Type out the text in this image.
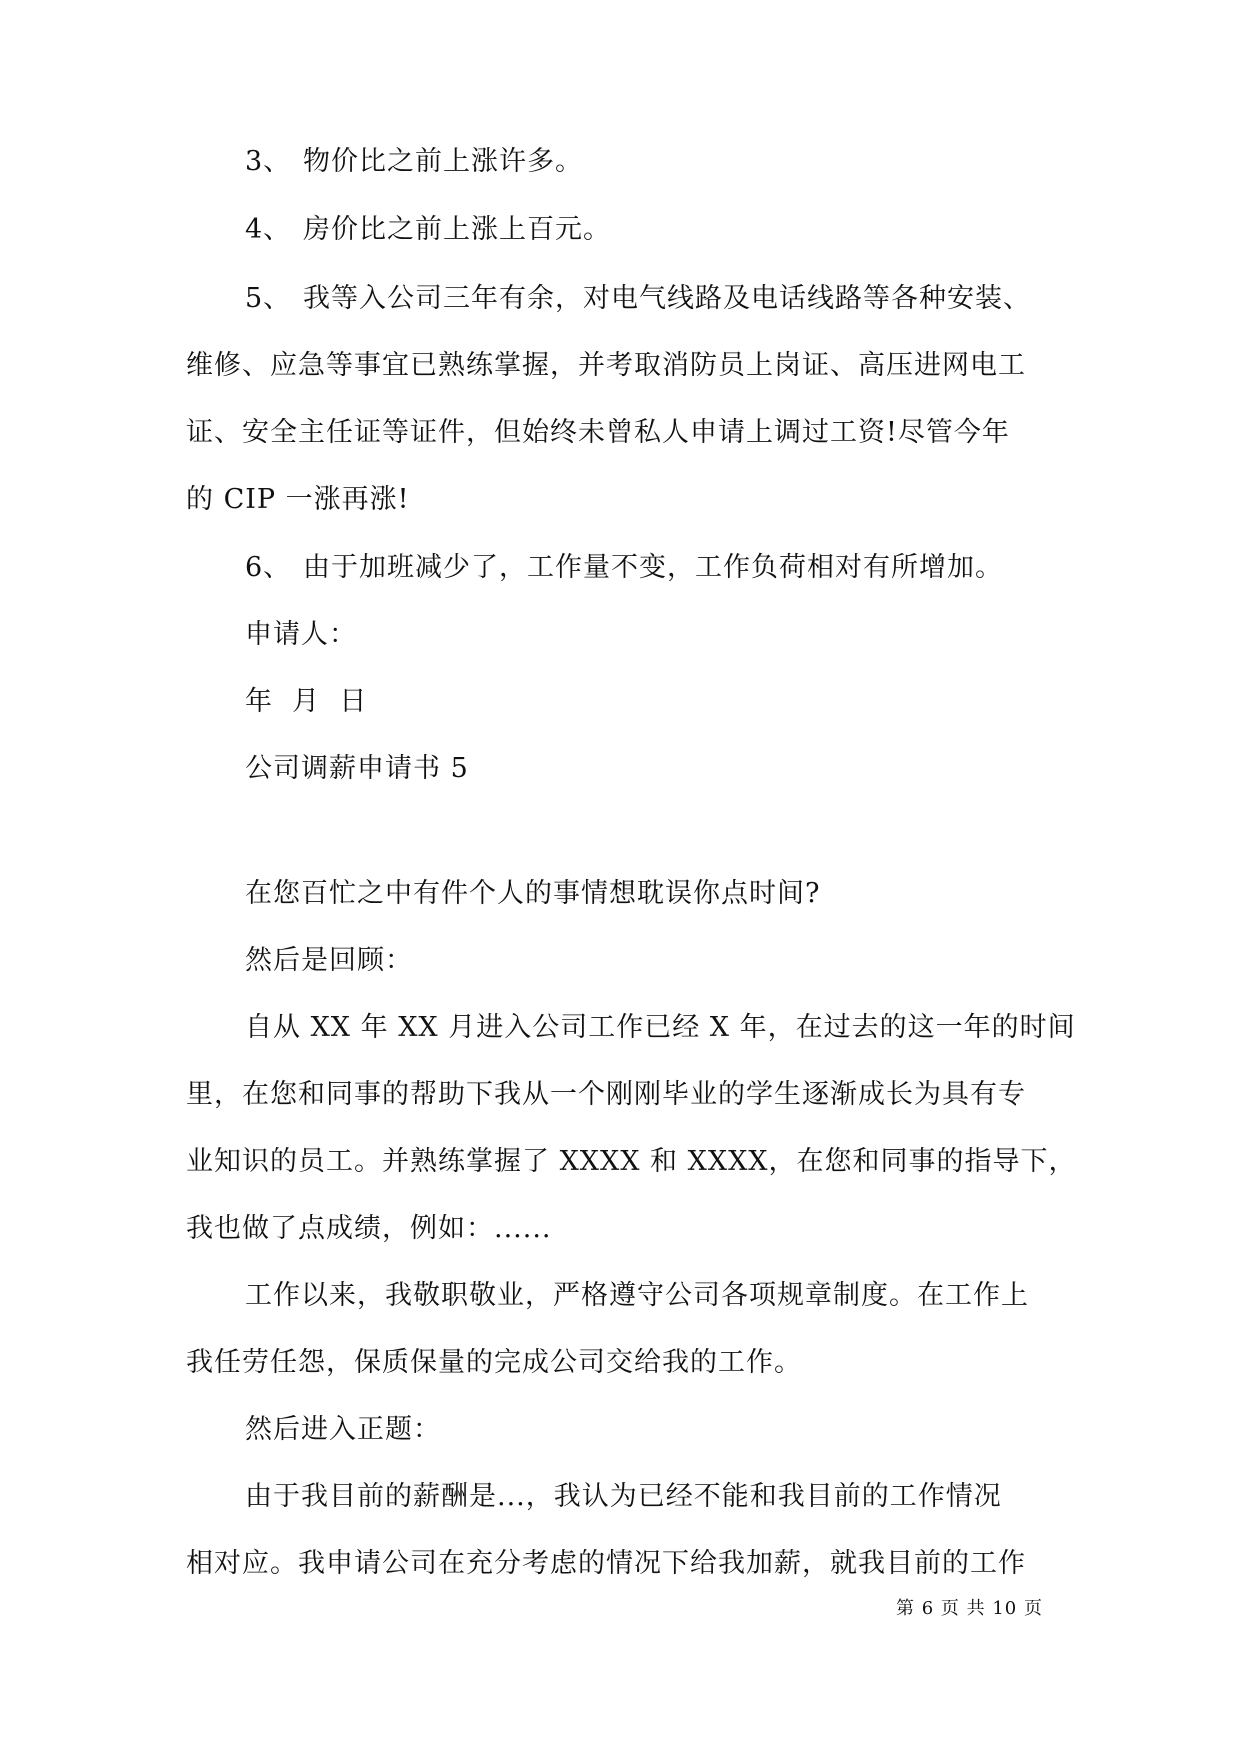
3、 物价比之前上涨许多。
4、 房价比之前上涨上百元。
5、 我等入公司三年有余，对电气线路及电话线路等各种安装、
维修、应急等事宜已熟练掌握，并考取消防员上岗证、高压进网电工
证、安全主任证等证件，但始终未曾私人申请上调过工资!尽管今年
的 CIP 一涨再涨!
6、 由于加班减少了，工作量不变，工作负荷相对有所增加。
申请人：
年  月  日
公司调薪申请书 5
在您百忙之中有件个人的事情想耽误你点时间?
然后是回顾：
自从 XX 年 XX 月进入公司工作已经 X 年，在过去的这一年的时间
里，在您和同事的帮助下我从一个刚刚毕业的学生逐渐成长为具有专
业知识的员工。并熟练掌握了 XXXX 和 XXXX，在您和同事的指导下，
我也做了点成绩，例如：......
工作以来，我敬职敬业，严格遵守公司各项规章制度。在工作上
我任劳任怨，保质保量的完成公司交给我的工作。
然后进入正题：
由于我目前的薪酬是...，我认为已经不能和我目前的工作情况
相对应。我申请公司在充分考虑的情况下给我加薪，就我目前的工作
第 6 页 共 10 页
